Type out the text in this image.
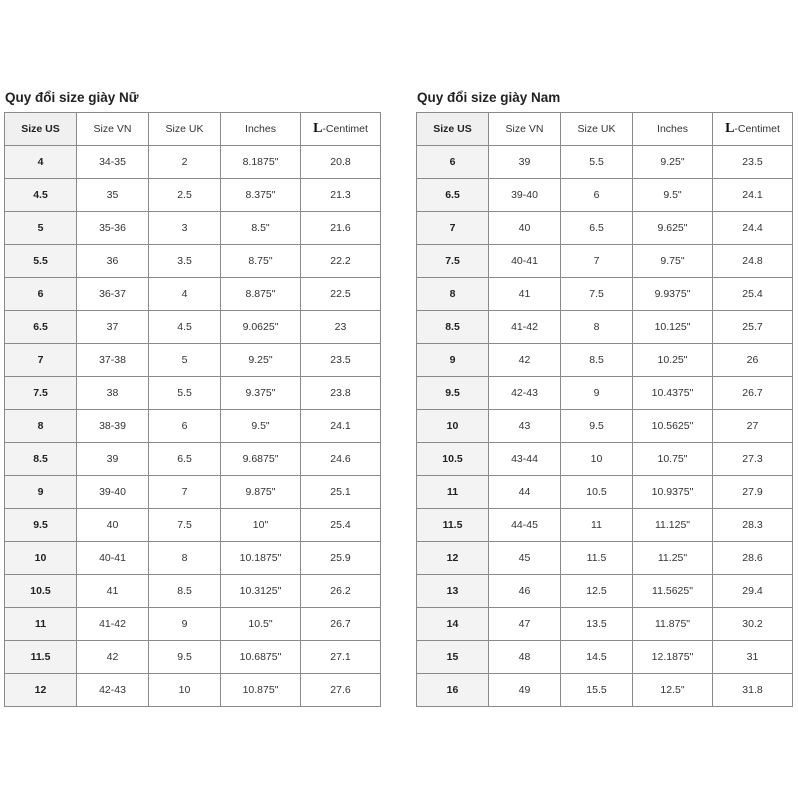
Quy đổi size giày Nữ
Size US	Size VN	Size UK	Inches	L-Centimet
4	34-35	2	8.1875"	20.8
4.5	35	2.5	8.375"	21.3
5	35-36	3	8.5"	21.6
5.5	36	3.5	8.75"	22.2
6	36-37	4	8.875"	22.5
6.5	37	4.5	9.0625"	23
7	37-38	5	9.25"	23.5
7.5	38	5.5	9.375"	23.8
8	38-39	6	9.5"	24.1
8.5	39	6.5	9.6875"	24.6
9	39-40	7	9.875"	25.1
9.5	40	7.5	10"	25.4
10	40-41	8	10.1875"	25.9
10.5	41	8.5	10.3125"	26.2
11	41-42	9	10.5"	26.7
11.5	42	9.5	10.6875"	27.1
12	42-43	10	10.875"	27.6
Quy đổi size giày Nam
Size US	Size VN	Size UK	Inches	L-Centimet
6	39	5.5	9.25"	23.5
6.5	39-40	6	9.5"	24.1
7	40	6.5	9.625"	24.4
7.5	40-41	7	9.75"	24.8
8	41	7.5	9.9375"	25.4
8.5	41-42	8	10.125"	25.7
9	42	8.5	10.25"	26
9.5	42-43	9	10.4375"	26.7
10	43	9.5	10.5625"	27
10.5	43-44	10	10.75"	27.3
11	44	10.5	10.9375"	27.9
11.5	44-45	11	11.125"	28.3
12	45	11.5	11.25"	28.6
13	46	12.5	11.5625"	29.4
14	47	13.5	11.875"	30.2
15	48	14.5	12.1875"	31
16	49	15.5	12.5"	31.8
